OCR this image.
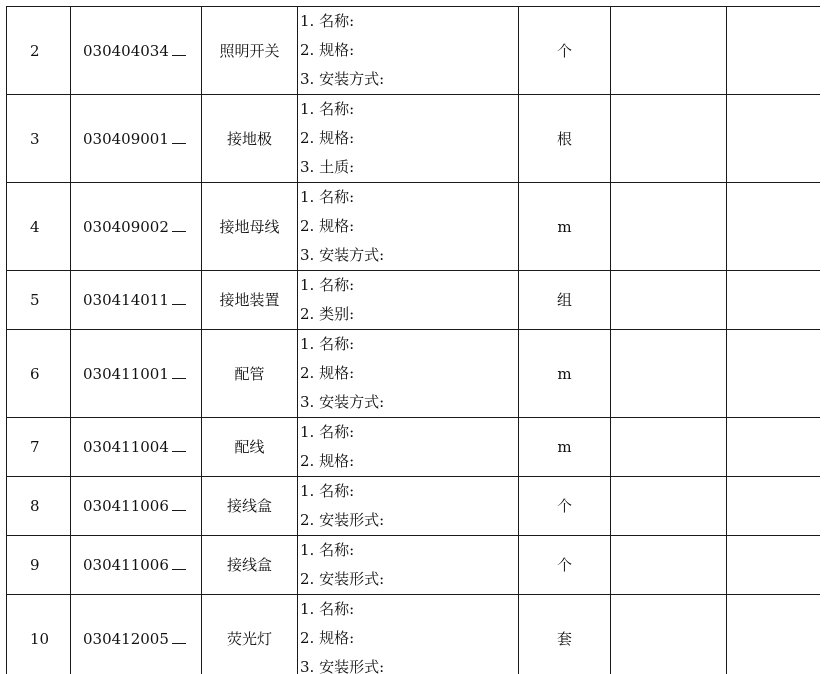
2	030404034	照明开关	1. 名称:
2. 规格:
3. 安装方式:	个		
3	030409001	接地极	1. 名称:
2. 规格:
3. 土质:	根		
4	030409002	接地母线	1. 名称:
2. 规格:
3. 安装方式:	m		
5	030414011	接地装置	1. 名称:
2. 类别:	组		
6	030411001	配管	1. 名称:
2. 规格:
3. 安装方式:	m		
7	030411004	配线	1. 名称:
2. 规格:	m		
8	030411006	接线盒	1. 名称:
2. 安装形式:	个		
9	030411006	接线盒	1. 名称:
2. 安装形式:	个		
10	030412005	荧光灯	1. 名称:
2. 规格:
3. 安装形式:	套		
